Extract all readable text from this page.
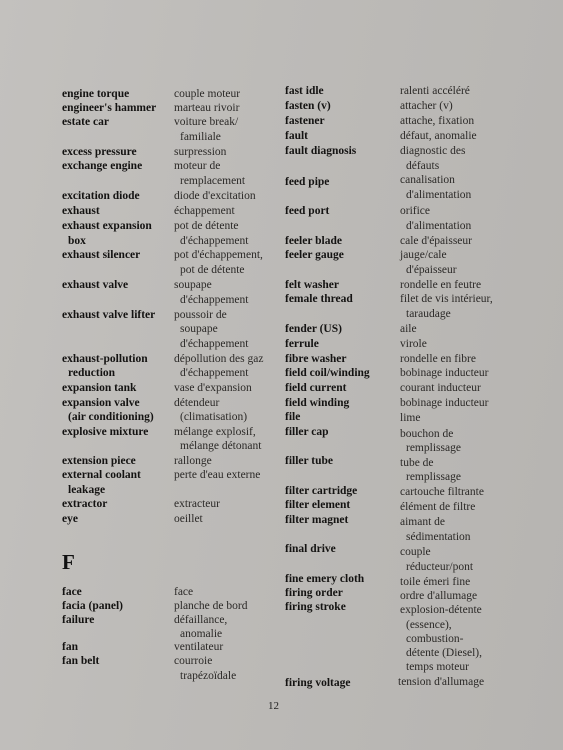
engine torque
engineer's hammer
estate car
excess pressure
exchange engine
excitation diode
exhaust
exhaust expansion
box
exhaust silencer
exhaust valve
exhaust valve lifter
exhaust-pollution
reduction
expansion tank
expansion valve
(air conditioning)
explosive mixture
extension piece
external coolant
leakage
extractor
eye
face
facia (panel)
failure
fan
fan belt
couple moteur
marteau rivoir
voiture break/
familiale
surpression
moteur de
remplacement
diode d'excitation
échappement
pot de détente
d'échappement
pot d'échappement,
pot de détente
soupape
d'échappement
poussoir de
soupape
d'échappement
dépollution des gaz
d'échappement
vase d'expansion
détendeur
(climatisation)
mélange explosif,
mélange détonant
rallonge
perte d'eau externe
extracteur
oeillet
face
planche de bord
défaillance,
anomalie
ventilateur
courroie
trapézoïdale
fast idle
fasten (v)
fastener
fault
fault diagnosis
feed pipe
feed port
feeler blade
feeler gauge
felt washer
female thread
fender (US)
ferrule
fibre washer
field coil/winding
field current
field winding
file
filler cap
filler tube
filter cartridge
filter element
filter magnet
final drive
fine emery cloth
firing order
firing stroke
firing voltage
ralenti accéléré
attacher (v)
attache, fixation
défaut, anomalie
diagnostic des
défauts
canalisation
d'alimentation
orifice
d'alimentation
cale d'épaisseur
jauge/cale
d'épaisseur
rondelle en feutre
filet de vis intérieur,
taraudage
aile
virole
rondelle en fibre
bobinage inducteur
courant inducteur
bobinage inducteur
lime
bouchon de
remplissage
tube de
remplissage
cartouche filtrante
élément de filtre
aimant de
sédimentation
couple
réducteur/pont
toile émeri fine
ordre d'allumage
explosion-détente
(essence),
combustion-
détente (Diesel),
temps moteur
tension d'allumage
F
12
